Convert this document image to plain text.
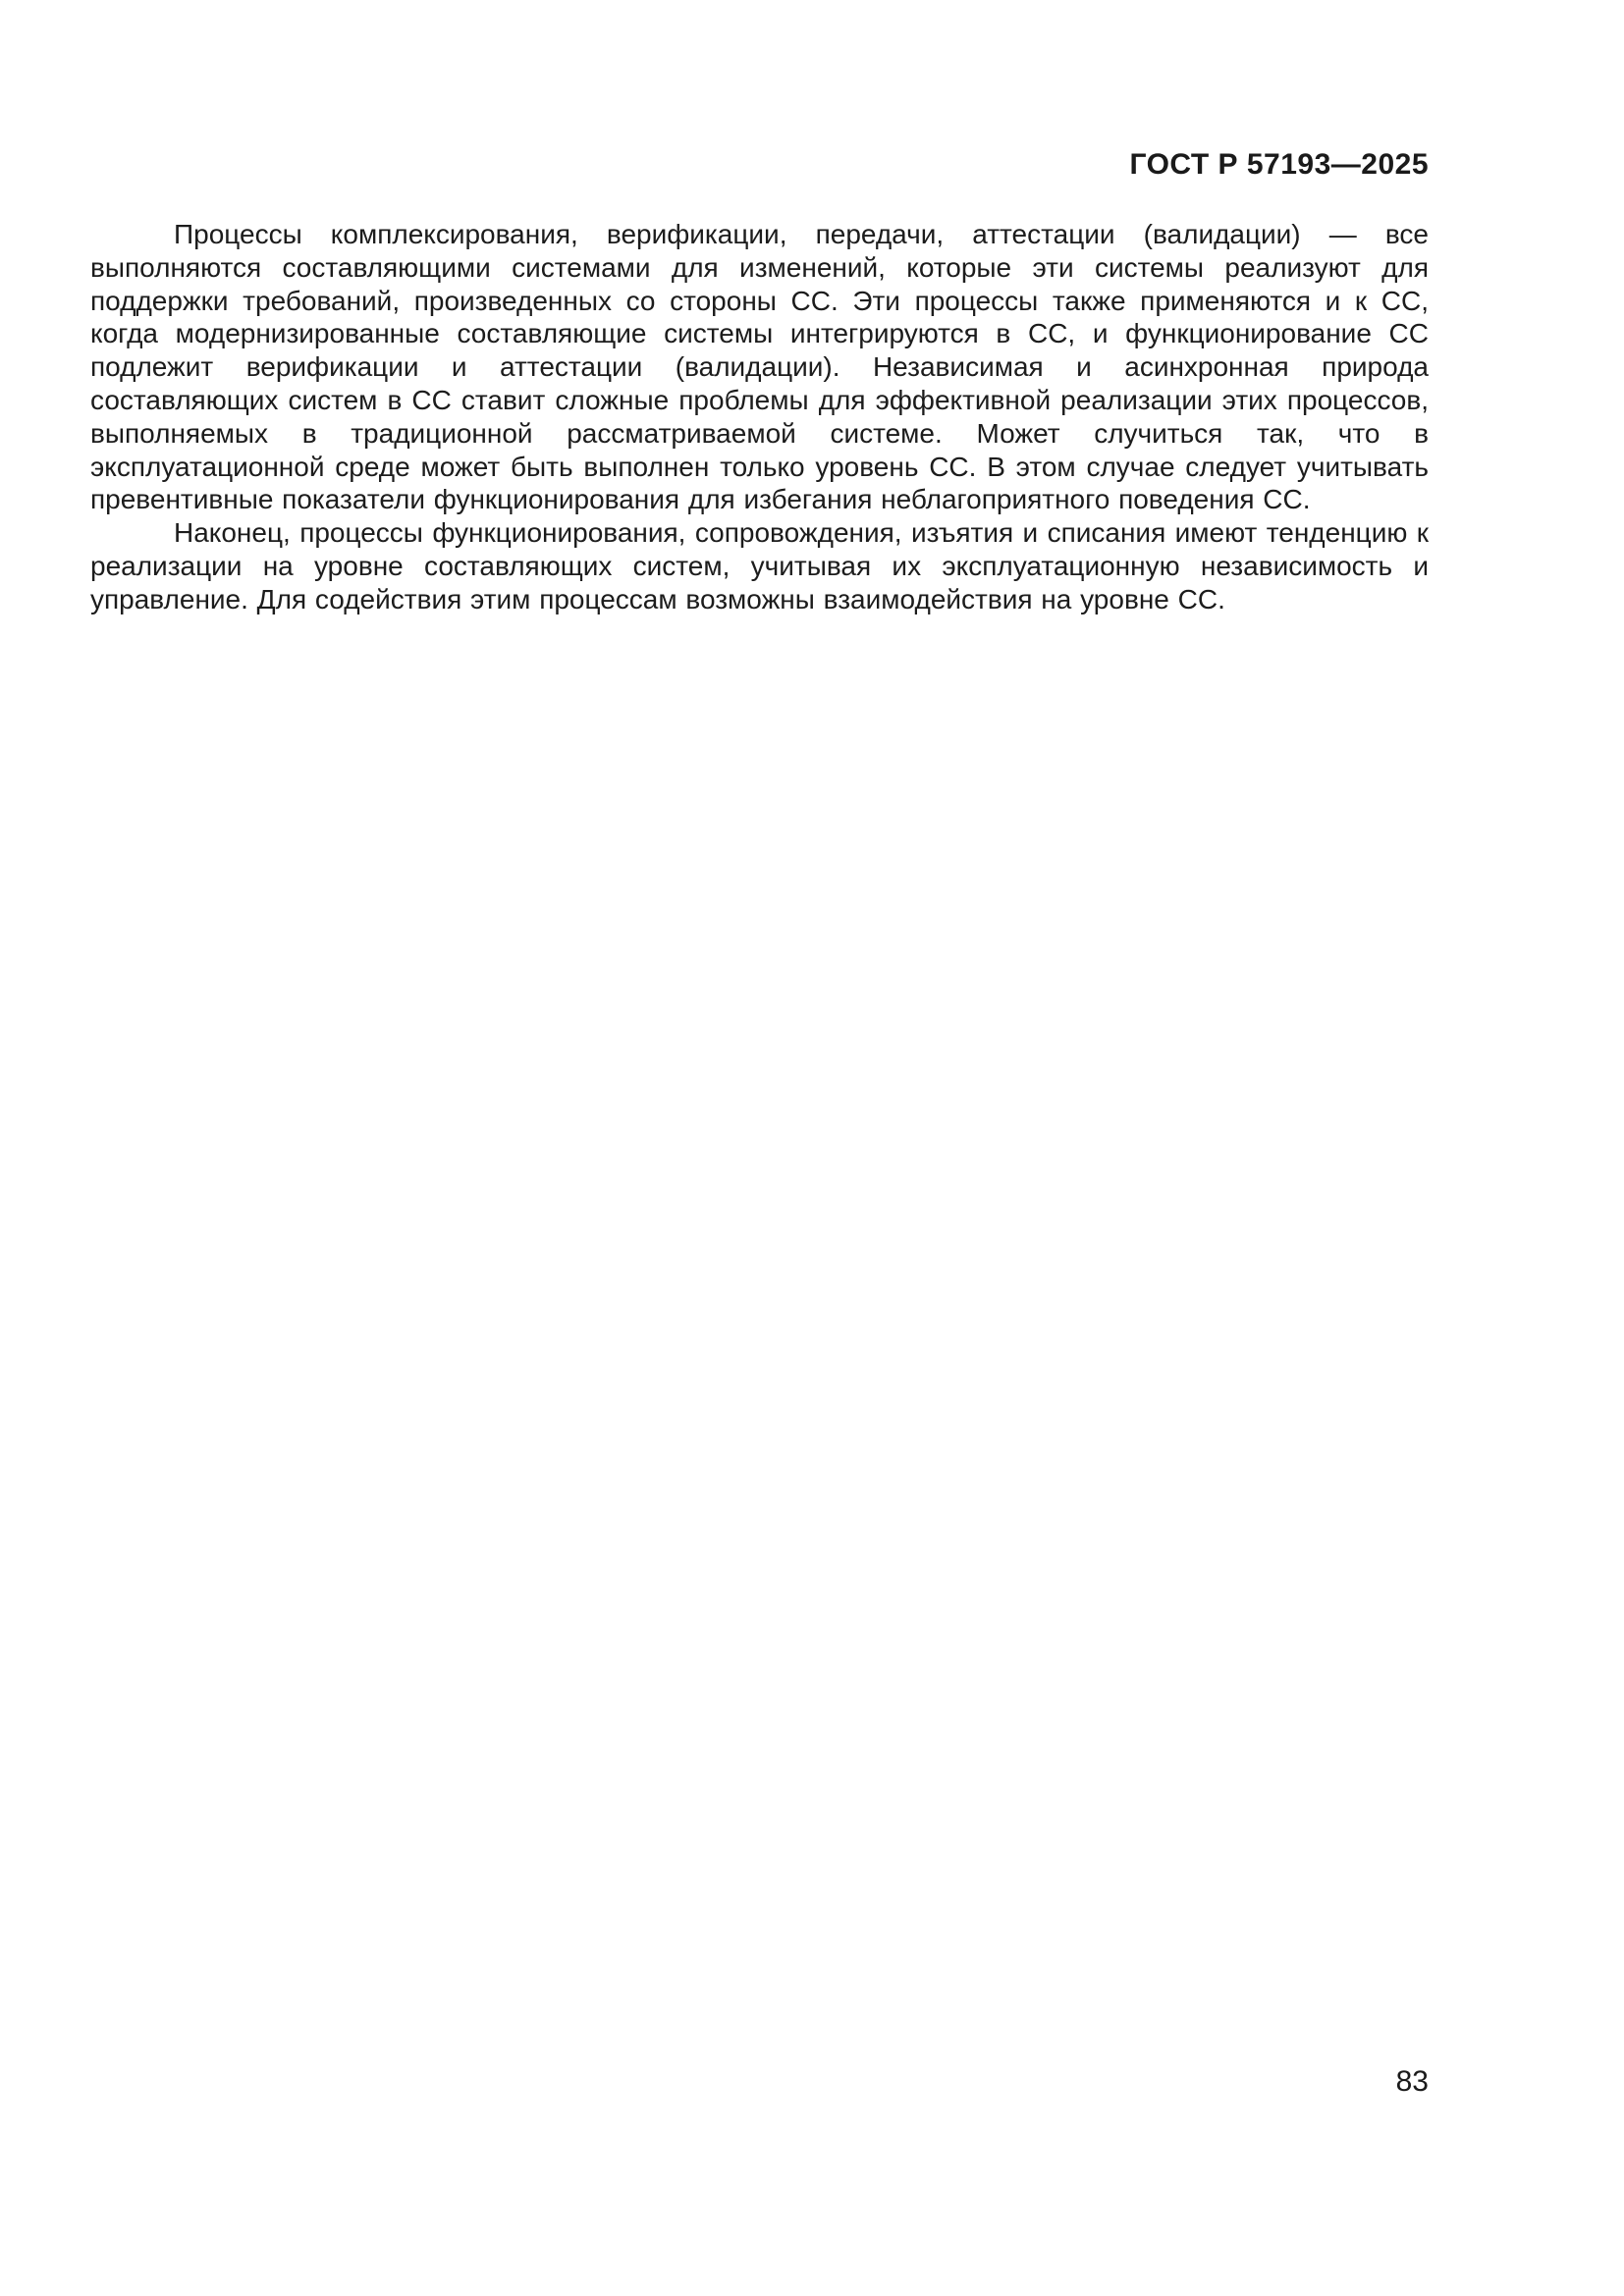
ГОСТ Р 57193—2025

Процессы комплексирования, верификации, передачи, аттестации (валидации) — все выполняются составляющими системами для изменений, которые эти системы реализуют для поддержки требований, произведенных со стороны СС. Эти процессы также применяются и к СС, когда модернизированные составляющие системы интегрируются в СС, и функционирование СС подлежит верификации и аттестации (валидации). Независимая и асинхронная природа составляющих систем в СС ставит сложные проблемы для эффективной реализации этих процессов, выполняемых в традиционной рассматриваемой системе. Может случиться так, что в эксплуатационной среде может быть выполнен только уровень СС. В этом случае следует учитывать превентивные показатели функционирования для избегания неблагоприятного поведения СС.

Наконец, процессы функционирования, сопровождения, изъятия и списания имеют тенденцию к реализации на уровне составляющих систем, учитывая их эксплуатационную независимость и управление. Для содействия этим процессам возможны взаимодействия на уровне СС.

83
